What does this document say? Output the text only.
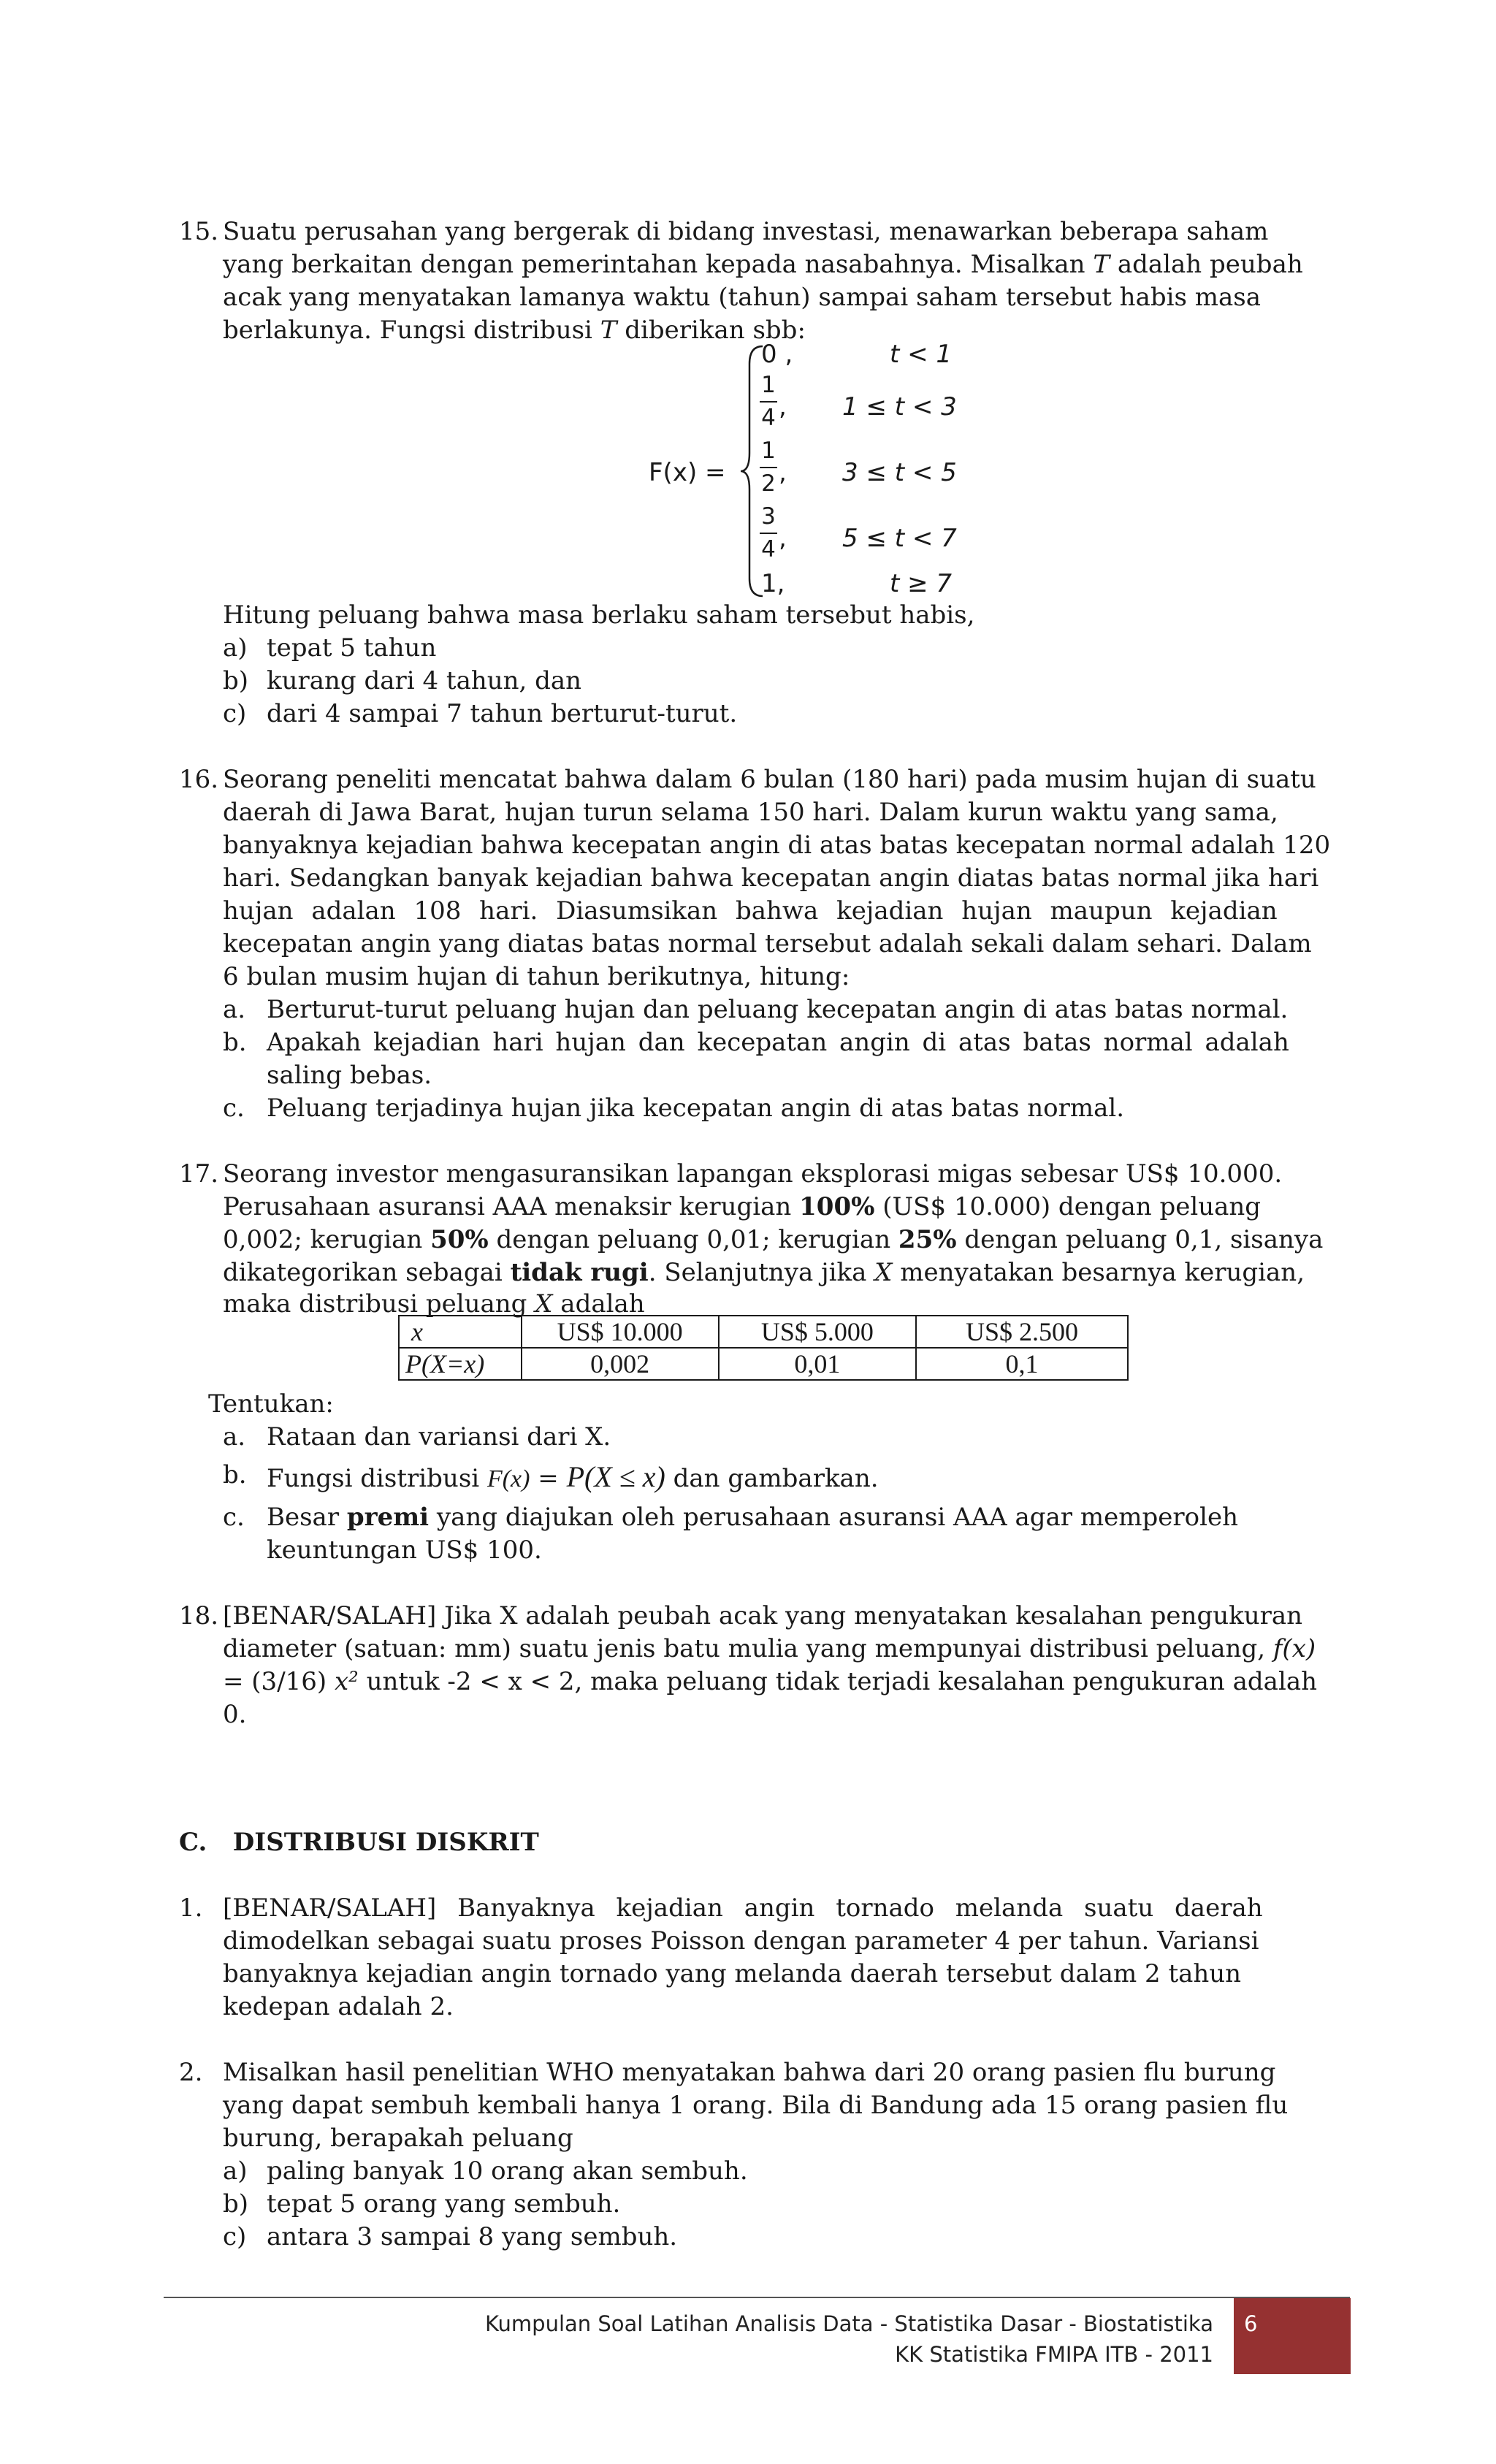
15. Suatu perusahan yang bergerak di bidang investasi, menawarkan beberapa saham
yang berkaitan dengan pemerintahan kepada nasabahnya. Misalkan T adalah peubah
acak yang menyatakan lamanya waktu (tahun) sampai saham tersebut habis masa
berlakunya. Fungsi distribusi T diberikan sbb:
F(x) =
0 ,	t < 1
1
4 , 1 ≤ t < 3
1
2 , 3 ≤ t < 5
3
4 , 5 ≤ t < 7
1,	t ≥ 7
Hitung peluang bahwa masa berlaku saham tersebut habis,
a) tepat 5 tahun
b) kurang dari 4 tahun, dan
c) dari 4 sampai 7 tahun berturut-turut.
16. Seorang peneliti mencatat bahwa dalam 6 bulan (180 hari) pada musim hujan di suatu
daerah di Jawa Barat, hujan turun selama 150 hari. Dalam kurun waktu yang sama,
banyaknya kejadian bahwa kecepatan angin di atas batas kecepatan normal adalah 120
hari. Sedangkan banyak kejadian bahwa kecepatan angin diatas batas normal jika hari
hujan adalan 108 hari. Diasumsikan bahwa kejadian hujan maupun kejadian
kecepatan angin yang diatas batas normal tersebut adalah sekali dalam sehari. Dalam
6 bulan musim hujan di tahun berikutnya, hitung:
a. Berturut-turut peluang hujan dan peluang kecepatan angin di atas batas normal.
b. Apakah kejadian hari hujan dan kecepatan angin di atas batas normal adalah
saling bebas.
c. Peluang terjadinya hujan jika kecepatan angin di atas batas normal.
17. Seorang investor mengasuransikan lapangan eksplorasi migas sebesar US$ 10.000.
Perusahaan asuransi AAA menaksir kerugian 100% (US$ 10.000) dengan peluang
0,002; kerugian 50% dengan peluang 0,01; kerugian 25% dengan peluang 0,1, sisanya
dikategorikan sebagai tidak rugi. Selanjutnya jika X menyatakan besarnya kerugian,
maka distribusi peluang X adalah
x	US$ 10.000	US$ 5.000	US$ 2.500
P(X=x)	0,002	0,01	0,1
Tentukan:
a. Rataan dan variansi dari X.
b. Fungsi distribusi F(x) = P(X ≤ x) dan gambarkan.
c. Besar premi yang diajukan oleh perusahaan asuransi AAA agar memperoleh
keuntungan US$ 100.
18. [BENAR/SALAH] Jika X adalah peubah acak yang menyatakan kesalahan pengukuran
diameter (satuan: mm) suatu jenis batu mulia yang mempunyai distribusi peluang, f(x)
= (3/16) x² untuk -2 < x < 2, maka peluang tidak terjadi kesalahan pengukuran adalah
0.
C.   DISTRIBUSI DISKRIT
1. [BENAR/SALAH] Banyaknya kejadian angin tornado melanda suatu daerah
dimodelkan sebagai suatu proses Poisson dengan parameter 4 per tahun. Variansi
banyaknya kejadian angin tornado yang melanda daerah tersebut dalam 2 tahun
kedepan adalah 2.
2. Misalkan hasil penelitian WHO menyatakan bahwa dari 20 orang pasien flu burung
yang dapat sembuh kembali hanya 1 orang. Bila di Bandung ada 15 orang pasien flu
burung, berapakah peluang
a) paling banyak 10 orang akan sembuh.
b) tepat 5 orang yang sembuh.
c) antara 3 sampai 8 yang sembuh.
6
Kumpulan Soal Latihan Analisis Data - Statistika Dasar - Biostatistika
KK Statistika FMIPA ITB - 2011
